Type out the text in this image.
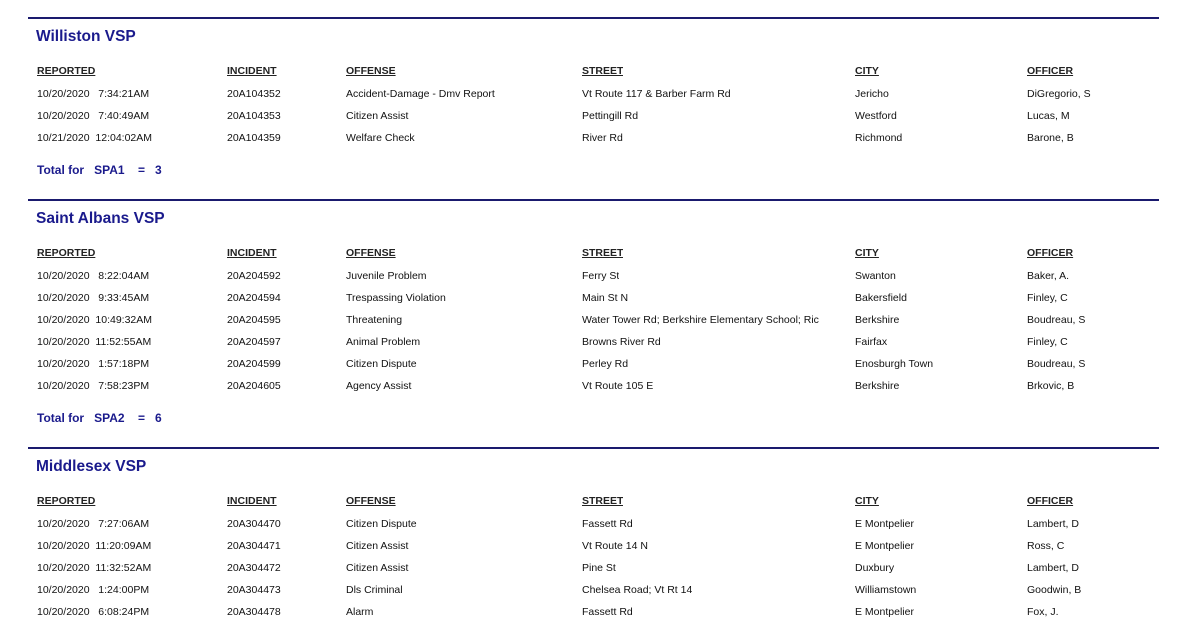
Williston VSP
REPORTED	INCIDENT	OFFENSE	STREET	CITY	OFFICER
10/20/2020   7:34:21AM	20A104352	Accident-Damage - Dmv Report	Vt Route 117 & Barber Farm Rd	Jericho	DiGregorio, S
10/20/2020   7:40:49AM	20A104353	Citizen Assist	Pettingill Rd	Westford	Lucas, M
10/21/2020  12:04:02AM	20A104359	Welfare Check	River Rd	Richmond	Barone, B
Total for SPA1 = 3
Saint Albans VSP
REPORTED	INCIDENT	OFFENSE	STREET	CITY	OFFICER
10/20/2020   8:22:04AM	20A204592	Juvenile Problem	Ferry St	Swanton	Baker, A.
10/20/2020   9:33:45AM	20A204594	Trespassing Violation	Main St N	Bakersfield	Finley, C
10/20/2020  10:49:32AM	20A204595	Threatening	Water Tower Rd; Berkshire Elementary School; Ric	Berkshire	Boudreau, S
10/20/2020  11:52:55AM	20A204597	Animal Problem	Browns River Rd	Fairfax	Finley, C
10/20/2020   1:57:18PM	20A204599	Citizen Dispute	Perley Rd	Enosburgh Town	Boudreau, S
10/20/2020   7:58:23PM	20A204605	Agency Assist	Vt Route 105 E	Berkshire	Brkovic, B
Total for SPA2 = 6
Middlesex VSP
REPORTED	INCIDENT	OFFENSE	STREET	CITY	OFFICER
10/20/2020   7:27:06AM	20A304470	Citizen Dispute	Fassett Rd	E Montpelier	Lambert, D
10/20/2020  11:20:09AM	20A304471	Citizen Assist	Vt Route 14 N	E Montpelier	Ross, C
10/20/2020  11:32:52AM	20A304472	Citizen Assist	Pine St	Duxbury	Lambert, D
10/20/2020   1:24:00PM	20A304473	Dls Criminal	Chelsea Road; Vt Rt 14	Williamstown	Goodwin, B
10/20/2020   6:08:24PM	20A304478	Alarm	Fassett Rd	E Montpelier	Fox, J.
